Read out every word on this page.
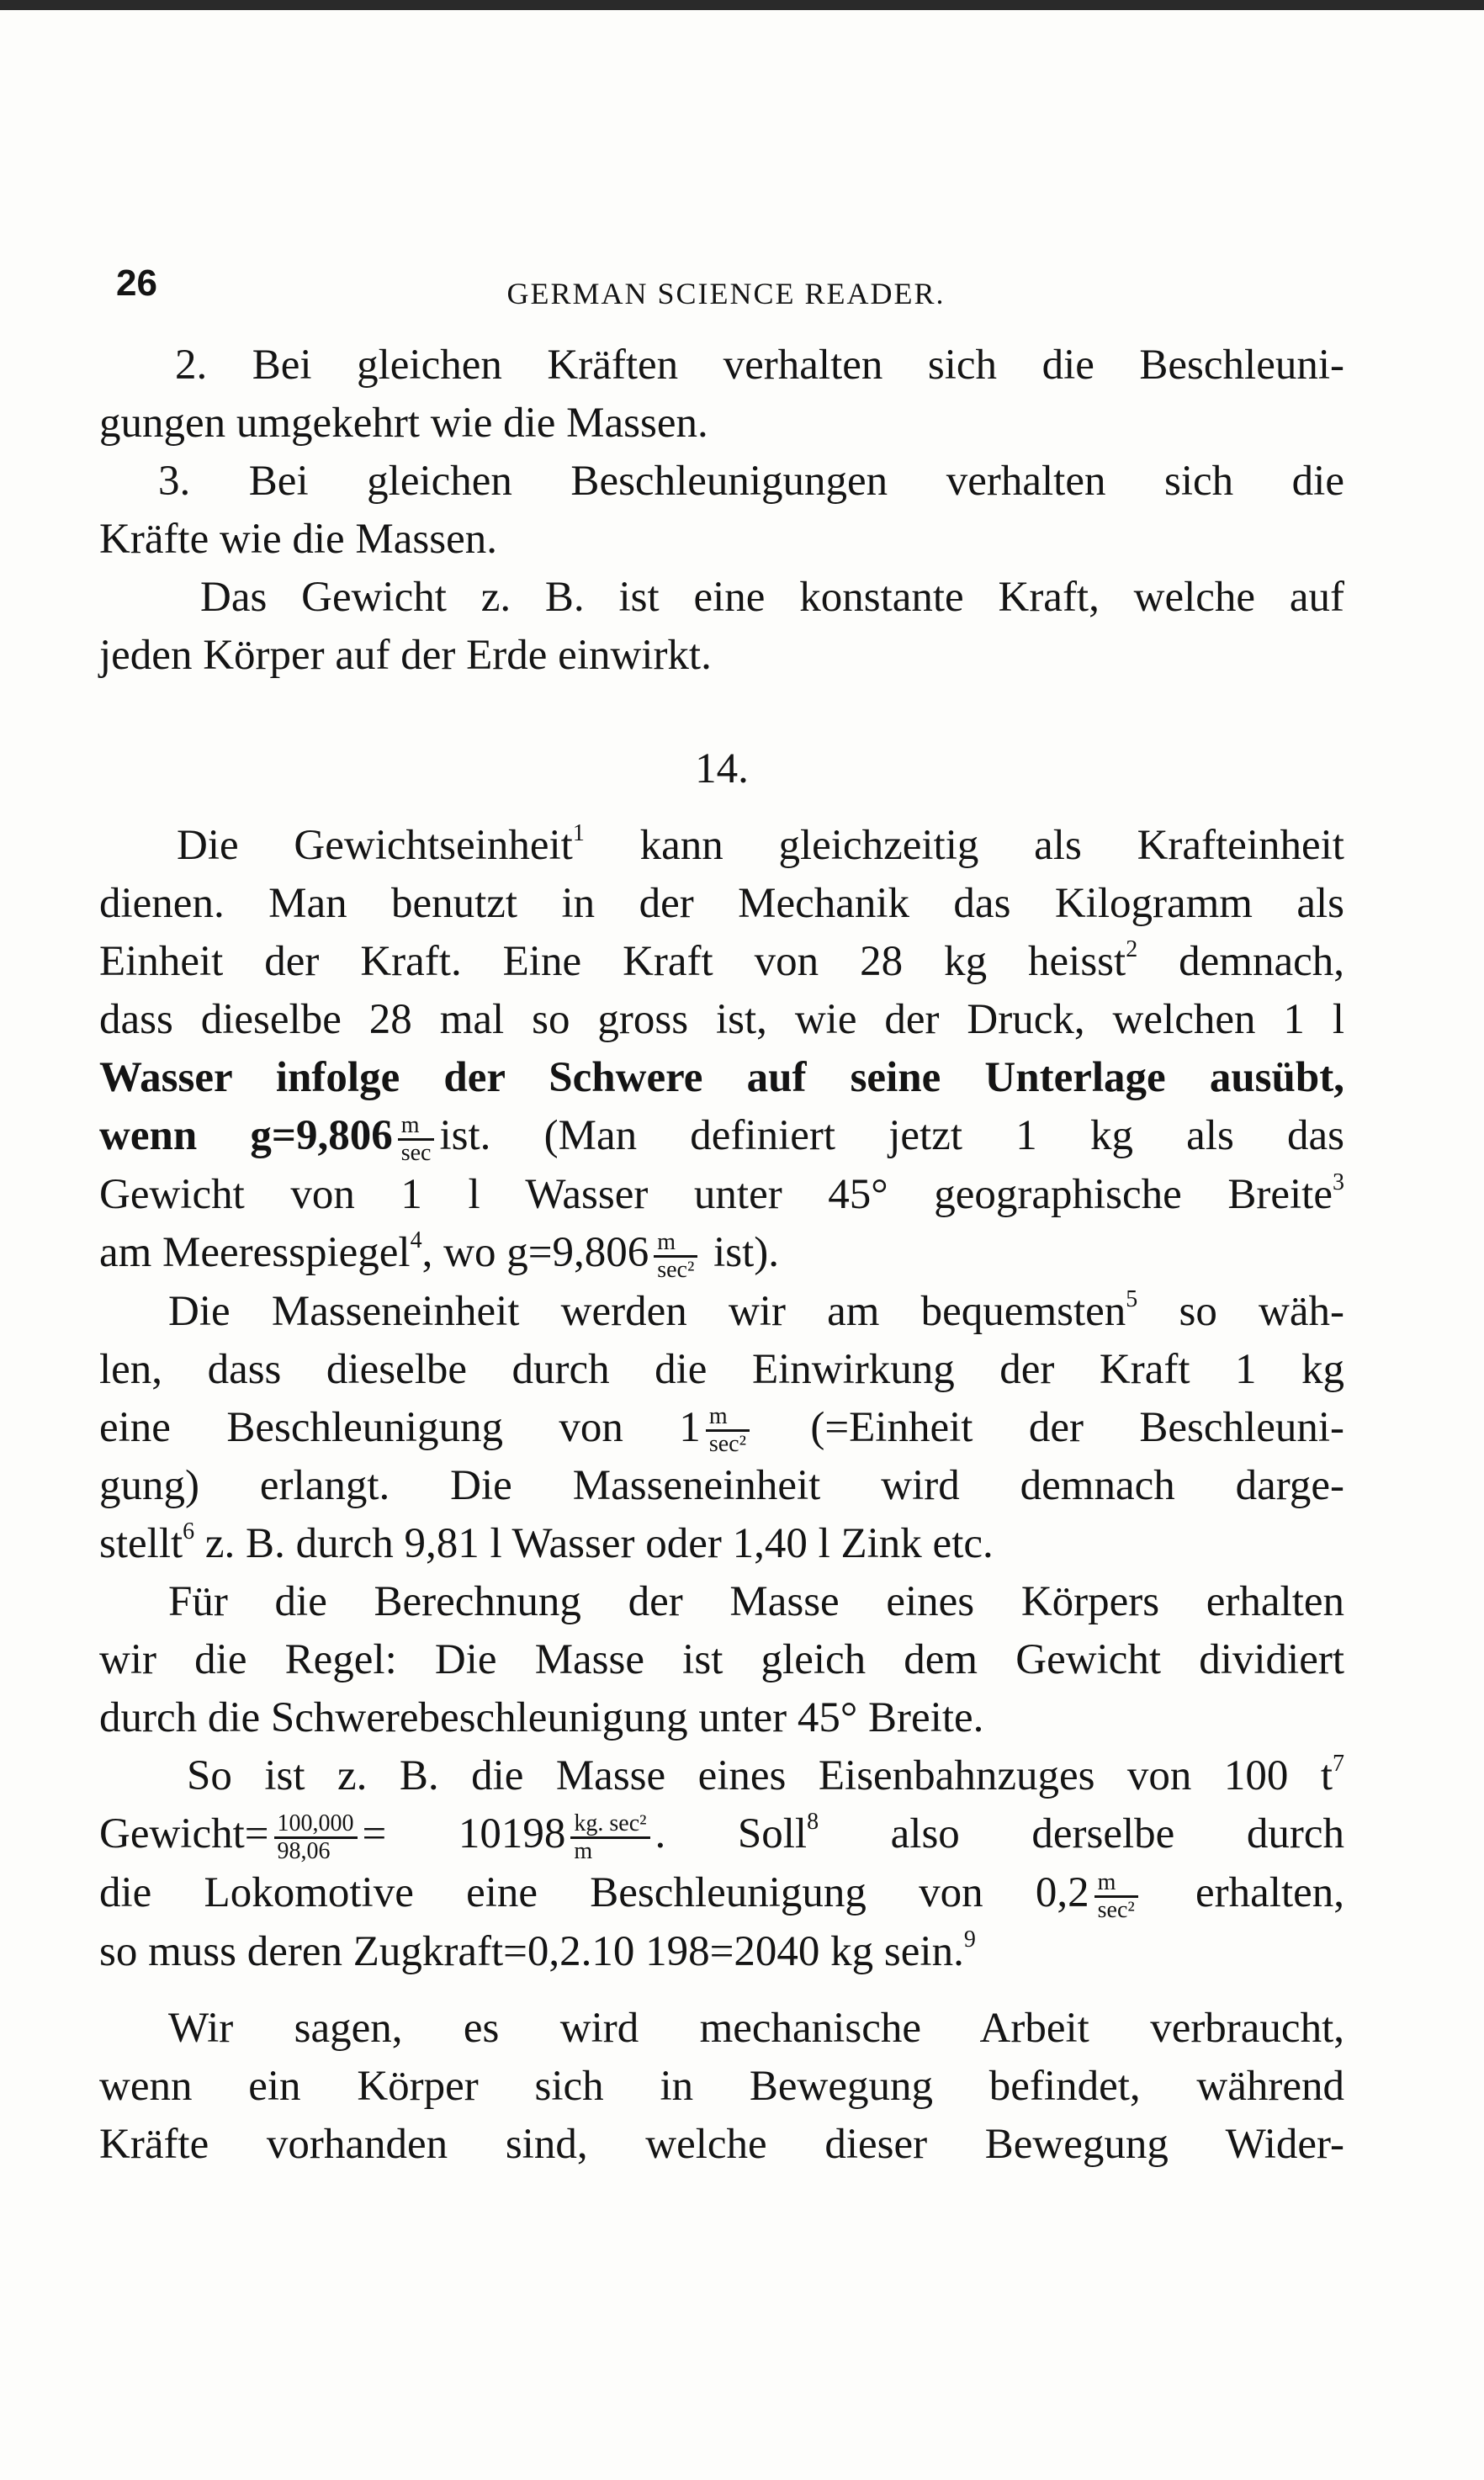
26	GERMAN SCIENCE READER.
2. Bei gleichen Kräften verhalten sich die Beschleuni-
gungen umgekehrt wie die Massen.
3. Bei gleichen Beschleunigungen verhalten sich die
Kräfte wie die Massen.
Das Gewicht z. B. ist eine konstante Kraft, welche auf
jeden Körper auf der Erde einwirkt.
14.
Die Gewichtseinheit$^1$ kann gleichzeitig als Krafteinheit
dienen. Man benutzt in der Mechanik das Kilogramm als
Einheit der Kraft. Eine Kraft von 28 kg heisst$^2$ demnach,
dass dieselbe 28 mal so gross ist, wie der Druck, welchen 1 l
Wasser infolge der Schwere auf seine Unterlage ausübt,
wenn $g=9,806 \frac{m}{\sec}$ ist. (Man definiert jetzt 1 kg als das
Gewicht von 1 l Wasser unter 45° geographische Breite$^3$
am Meeresspiegel$^4$, wo $g=9,806 \frac{m}{\text{sec²}} ist$).
Die Masseneinheit werden wir am bequemsten$^5$ so wäh-
len, dass dieselbe durch die Einwirkung der Kraft 1 kg
eine Beschleunigung von $1 \frac{m}{\text{sec²}}$ (=Einheit der Beschleuni-
gung) erlangt. Die Masseneinheit wird demnach darge-
stellt$^6$ z. B. durch 9,81 l Wasser oder 1,40 l Zink etc.
Für die Berechnung der Masse eines Körpers erhalten
wir die Regel: Die Masse ist gleich dem Gewicht dividiert
durch die Schwerebeschleunigung unter 45° Breite.
So ist z. B. die Masse eines Eisenbahnzuges von 100 $t^7$
Gewicht= $\frac{100,000}{98,06} = 10198 \frac{\text{kg. sec²}}{m}$ . Soll$^8$ also derselbe durch
die Lokomotive eine Beschleunigung von $0,2 \frac{m}{\text{sec²}}$ erhalten,
so muss deren Zugkraft=0,2.10 198=2040 kg sein.$^9$
Wir sagen, es wird mechanische Arbeit verbraucht,
wenn ein Körper sich in Bewegung befindet, während
Kräfte vorhanden sind, welche dieser Bewegung Wider-
